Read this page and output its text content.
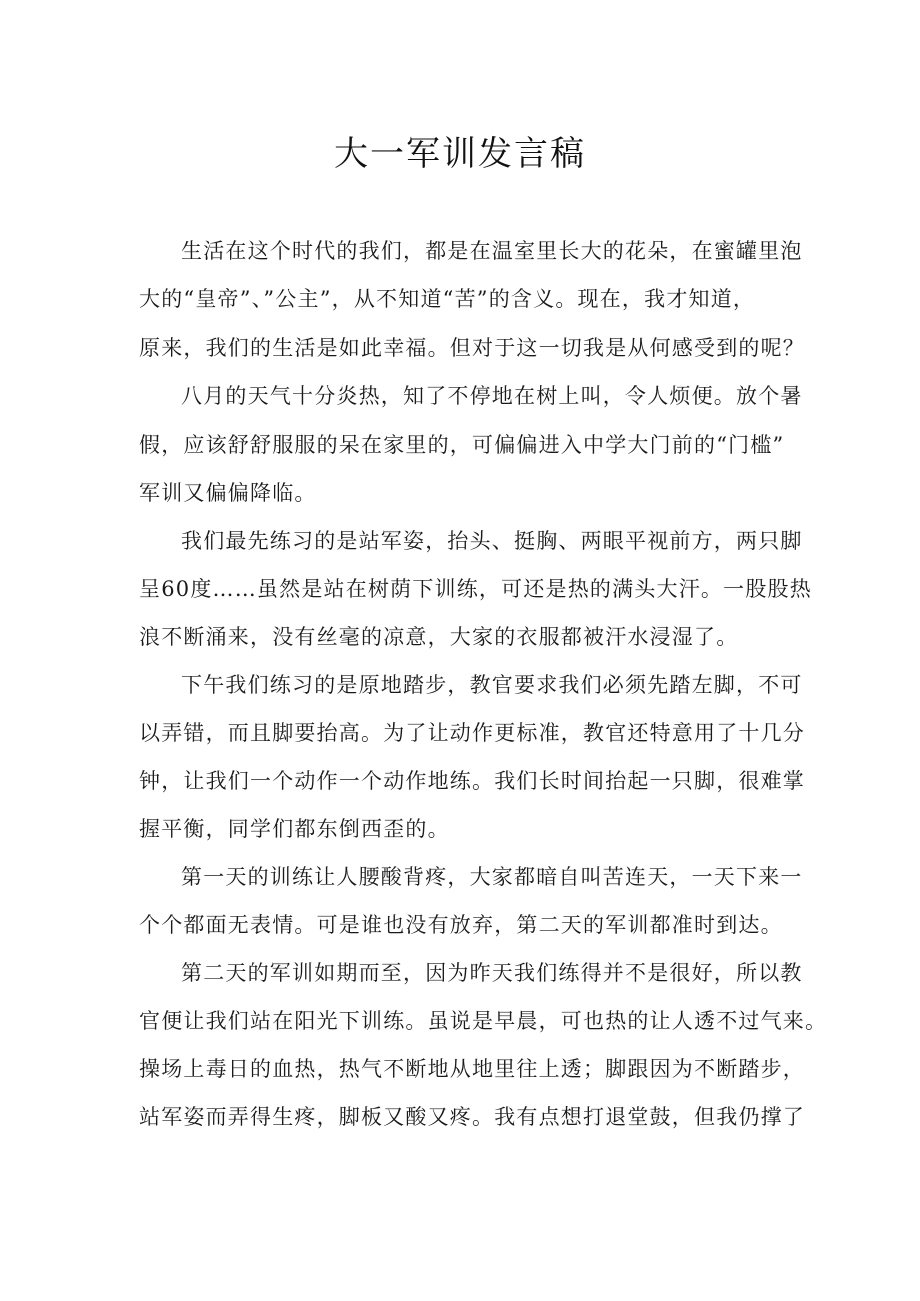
大一军训发言稿
生活在这个时代的我们，都是在温室里长大的花朵，在蜜罐里泡
大的“皇帝”、”公主”，从不知道“苦”的含义。现在，我才知道，
原来，我们的生活是如此幸福。但对于这一切我是从何感受到的呢？
八月的天气十分炎热，知了不停地在树上叫，令人烦便。放个暑
假，应该舒舒服服的呆在家里的，可偏偏进入中学大门前的“门槛”
军训又偏偏降临。
我们最先练习的是站军姿，抬头、挺胸、两眼平视前方，两只脚
呈60度……虽然是站在树荫下训练，可还是热的满头大汗。一股股热
浪不断涌来，没有丝毫的凉意，大家的衣服都被汗水浸湿了。
下午我们练习的是原地踏步，教官要求我们必须先踏左脚，不可
以弄错，而且脚要抬高。为了让动作更标准，教官还特意用了十几分
钟，让我们一个动作一个动作地练。我们长时间抬起一只脚，很难掌
握平衡，同学们都东倒西歪的。
第一天的训练让人腰酸背疼，大家都暗自叫苦连天，一天下来一
个个都面无表情。可是谁也没有放弃，第二天的军训都准时到达。
第二天的军训如期而至，因为昨天我们练得并不是很好，所以教
官便让我们站在阳光下训练。虽说是早晨，可也热的让人透不过气来。
操场上毒日的血热，热气不断地从地里往上透；脚跟因为不断踏步，
站军姿而弄得生疼，脚板又酸又疼。我有点想打退堂鼓，但我仍撑了
